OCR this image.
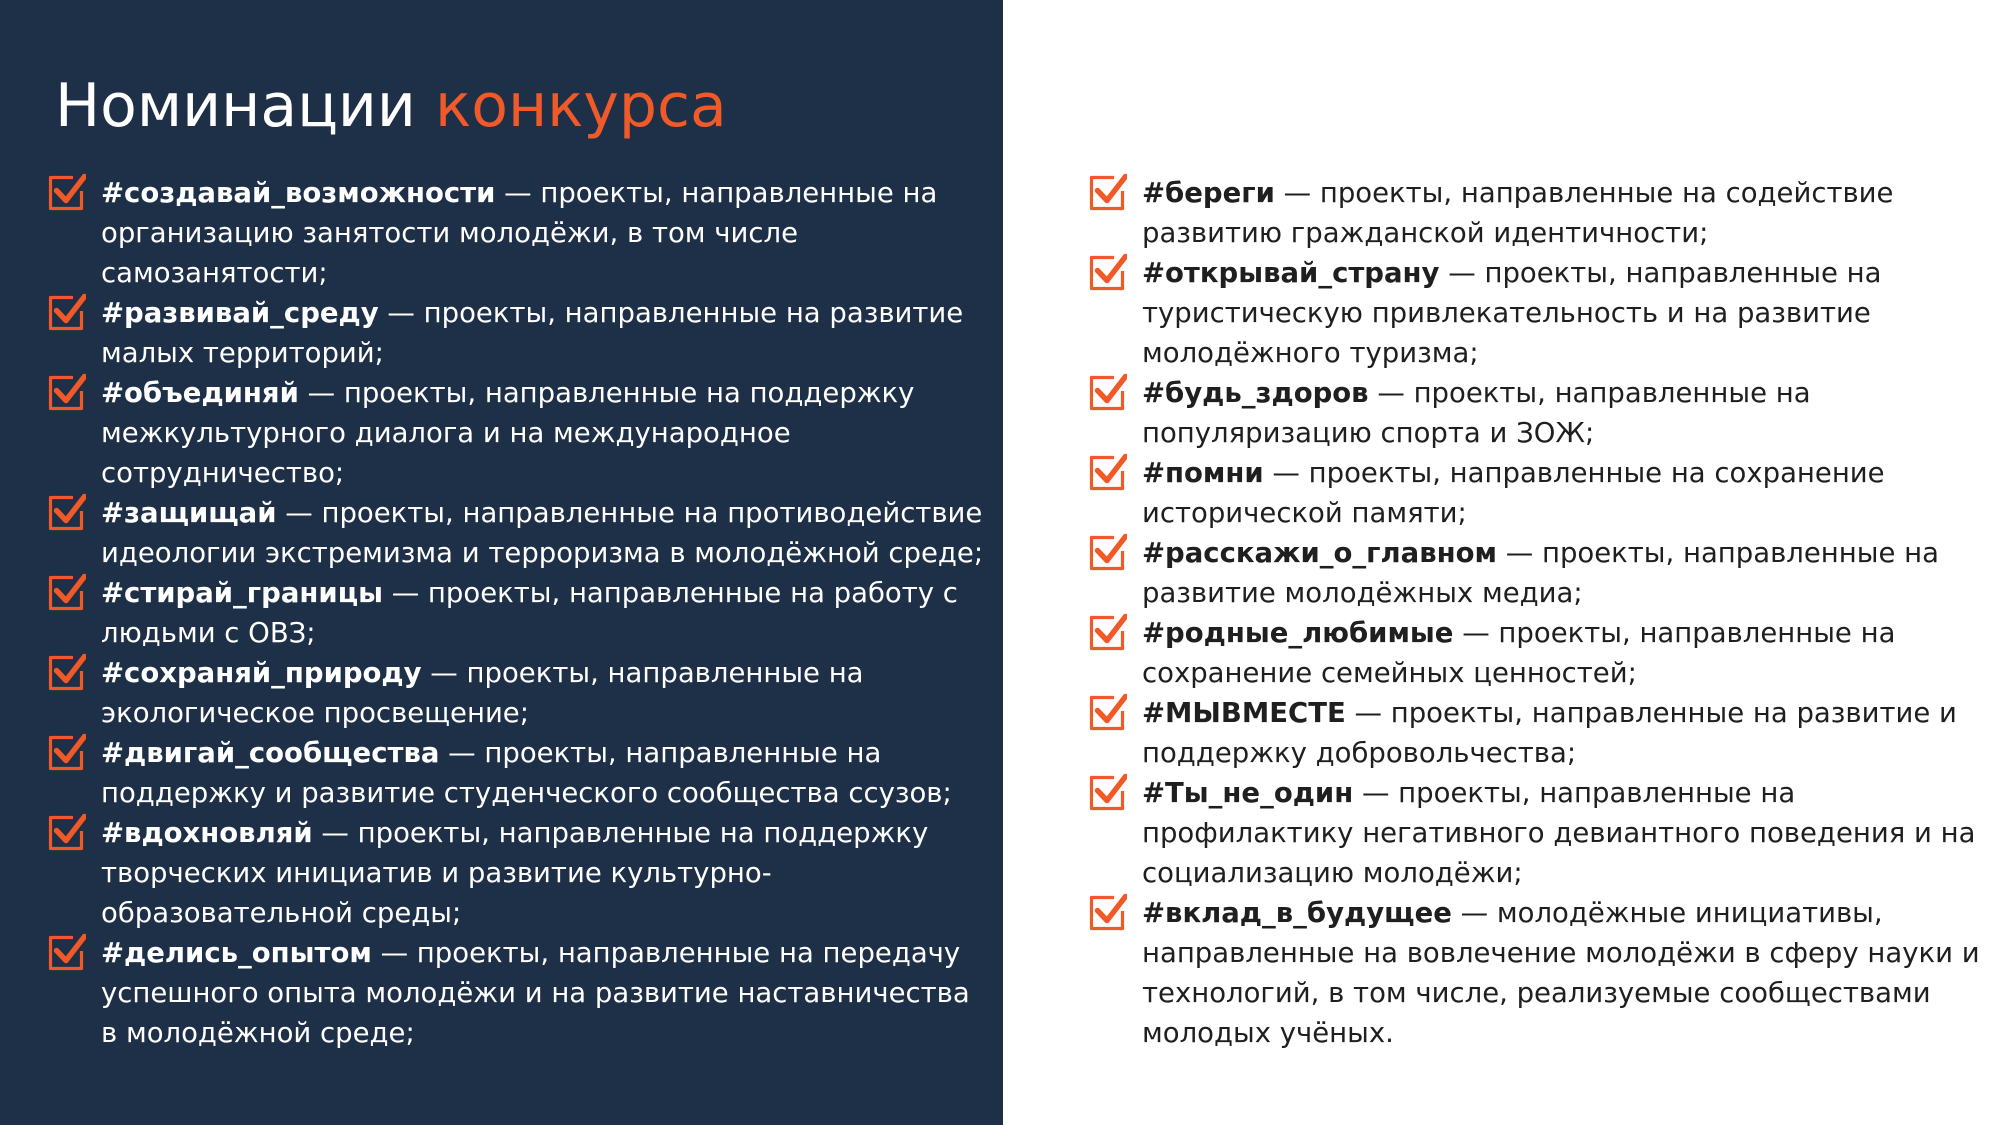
Номинации конкурса
#создавай_возможности — проекты, направленные на организацию занятости молодёжи, в том числе самозанятости;
#развивай_среду — проекты, направленные на развитие малых территорий;
#объединяй — проекты, направленные на поддержку межкультурного диалога и на международное сотрудничество;
#защищай — проекты, направленные на противодействие идеологии экстремизма и терроризма в молодёжной среде;
#стирай_границы — проекты, направленные на работу с людьми с ОВЗ;
#сохраняй_природу — проекты, направленные на экологическое просвещение;
#двигай_сообщества — проекты, направленные на поддержку и развитие студенческого сообщества ссузов;
#вдохновляй — проекты, направленные на поддержку творческих инициатив и развитие культурно-образовательной среды;
#делись_опытом — проекты, направленные на передачу успешного опыта молодёжи и на развитие наставничества в молодёжной среде;
#береги — проекты, направленные на содействие развитию гражданской идентичности;
#открывай_страну — проекты, направленные на туристическую привлекательность и на развитие молодёжного туризма;
#будь_здоров — проекты, направленные на популяризацию спорта и ЗОЖ;
#помни — проекты, направленные на сохранение исторической памяти;
#расскажи_о_главном — проекты, направленные на развитие молодёжных медиа;
#родные_любимые — проекты, направленные на сохранение семейных ценностей;
#МЫВМЕСТЕ — проекты, направленные на развитие и поддержку добровольчества;
#Ты_не_один — проекты, направленные на профилактику негативного девиантного поведения и на социализацию молодёжи;
#вклад_в_будущее — молодёжные инициативы, направленные на вовлечение молодёжи в сферу науки и технологий, в том числе, реализуемые сообществами молодых учёных.
